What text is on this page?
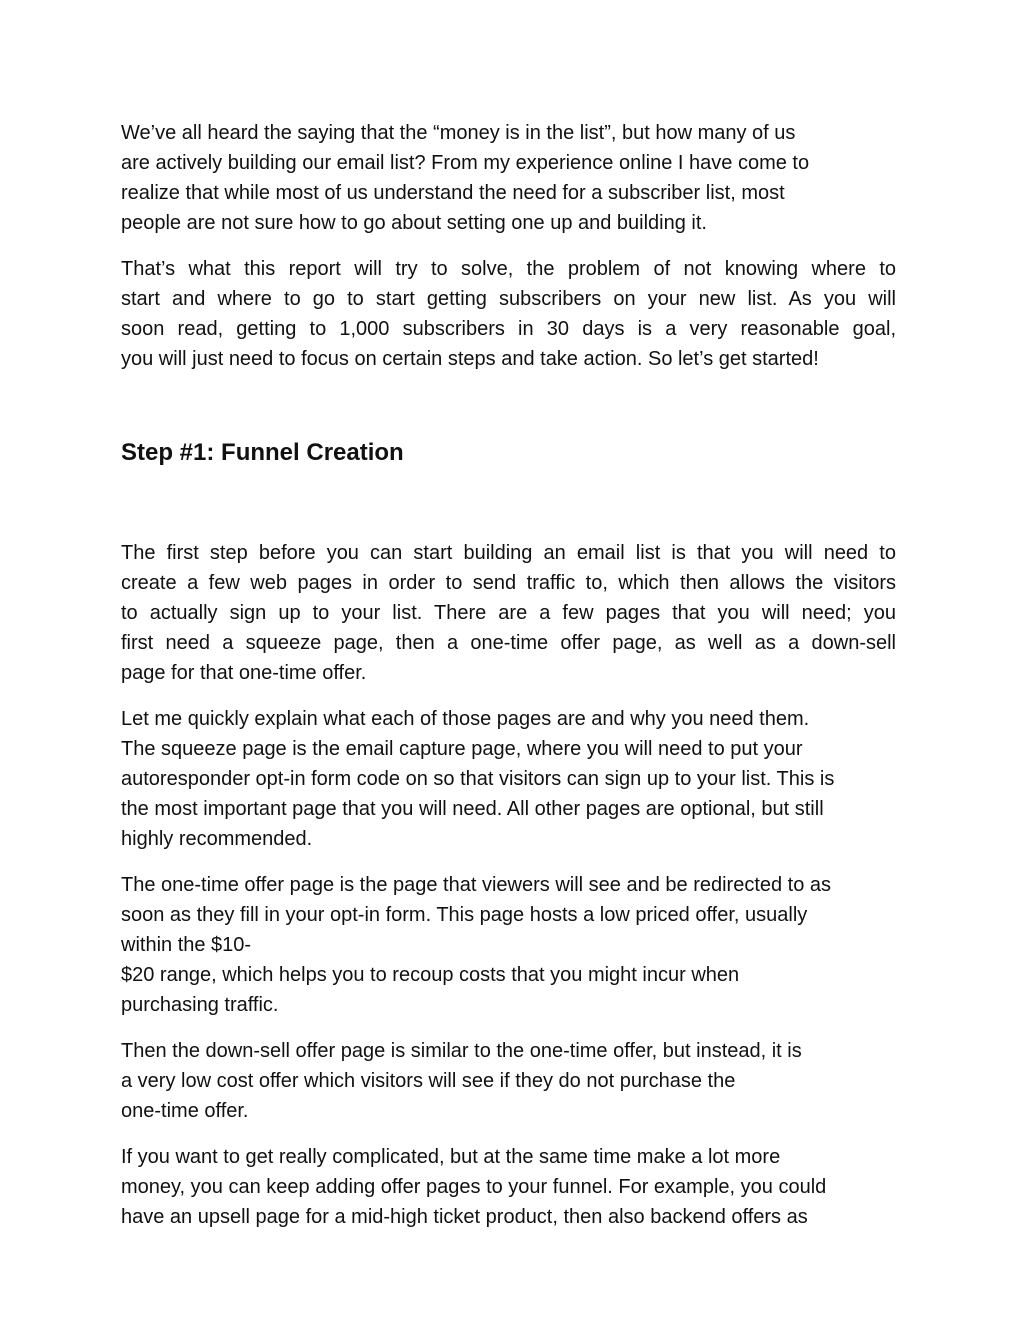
We’ve all heard the saying that the “money is in the list”, but how many of us
are actively building our email list? From my experience online I have come to
realize that while most of us understand the need for a subscriber list, most
people are not sure how to go about setting one up and building it.

That’s what this report will try to solve, the problem of not knowing where to
start and where to go to start getting subscribers on your new list. As you will
soon read, getting to 1,000 subscribers in 30 days is a very reasonable goal,
you will just need to focus on certain steps and take action. So let’s get started!

Step #1: Funnel Creation

The first step before you can start building an email list is that you will need to
create a few web pages in order to send traffic to, which then allows the visitors
to actually sign up to your list. There are a few pages that you will need; you
first need a squeeze page, then a one-time offer page, as well as a down-sell
page for that one-time offer.

Let me quickly explain what each of those pages are and why you need them.
The squeeze page is the email capture page, where you will need to put your
autoresponder opt-in form code on so that visitors can sign up to your list. This is
the most important page that you will need. All other pages are optional, but still
highly recommended.

The one-time offer page is the page that viewers will see and be redirected to as
soon as they fill in your opt-in form. This page hosts a low priced offer, usually
within the $10-
$20 range, which helps you to recoup costs that you might incur when
purchasing traffic.

Then the down-sell offer page is similar to the one-time offer, but instead, it is
a very low cost offer which visitors will see if they do not purchase the
one-time offer.

If you want to get really complicated, but at the same time make a lot more
money, you can keep adding offer pages to your funnel. For example, you could
have an upsell page for a mid-high ticket product, then also backend offers as
